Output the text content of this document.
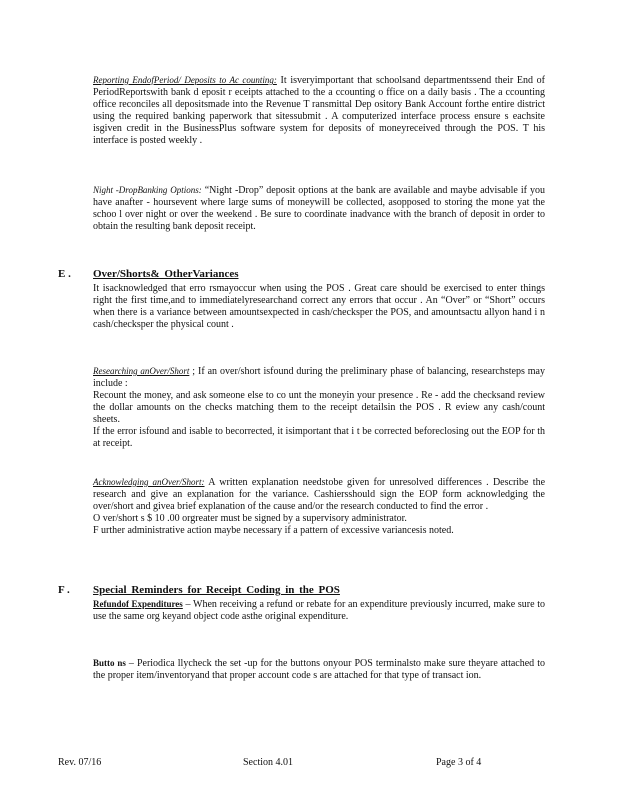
Reporting EndofPeriod/ Deposits to Ac counting: It isveryimportant that schoolsand departmentssend their End of PeriodReportswith bank d eposit r eceipts attached to the a ccounting o ffice on a daily basis . The a ccounting office reconciles all depositsmade into the Revenue T ransmittal Dep ository Bank Account forthe entire district using the required banking paperwork that sitessubmit . A computerized interface process ensure s eachsite isgiven credit in the BusinessPlus software system for deposits of moneyreceived through the POS. T his interface is posted weekly .
Night -DropBanking Options: “Night -Drop” deposit options at the bank are available and maybe advisable if you have anafter - hoursevent where large sums of moneywill be collected, asopposed to storing the mone yat the schoo l over night or over the weekend . Be sure to coordinate inadvance with the branch of deposit in order to obtain the resulting bank deposit receipt.
E . Over/Shorts& OtherVariances
It isacknowledged that erro rsmayoccur when using the POS . Great care should be exercised to enter things right the first time,and to immediatelyresearchand correct any errors that occur . An “Over” or “Short” occurs when there is a variance between amountsexpected in cash/checksper the POS, and amountsactu allyon hand i n cash/checksper the physical count .

Researching anOver/Short ; If an over/short isfound during the preliminary phase of balancing, researchsteps may include :

Recount the money, and ask someone else to co unt the moneyin your presence . Re - add the checksand review the dollar amounts on the checks matching them to the receipt detailsin the POS . R eview any cash/count sheets.

If the error isfound and isable to becorrected, it isimportant that i t be corrected beforeclosing out the EOP for th at receipt.

Acknowledging anOver/Short: A written explanation needstobe given for unresolved differences . Describe the research and give an explanation for the variance. Cashiersshould sign the EOP form acknowledging the over/short and givea brief explanation of the cause and/or the research conducted to find the error .

O ver/short s $ 10 .00 orgreater must be signed by a supervisory administrator.

F urther administrative action maybe necessary if a pattern of excessive variancesis noted.

F . Special Reminders for Receipt Coding in the POS
Refundof Expenditures – When receiving a refund or rebate for an expenditure previously incurred, make sure to use the same org keyand object code asthe original expenditure.
Butto ns – Periodica llycheck the set -up for the buttons onyour POS terminalsto make sure theyare attached to the proper item/inventoryand that proper account code s are attached for that type of transact ion.
Rev. 07/16	Section 4.01	Page 3 of 4
